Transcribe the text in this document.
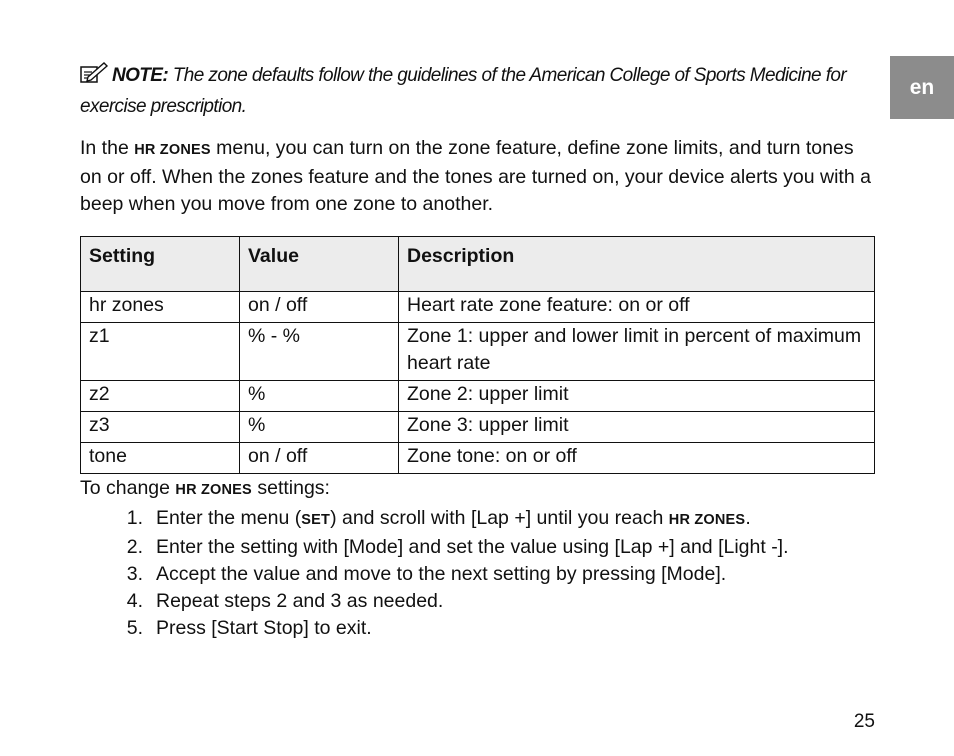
en
NOTE: The zone defaults follow the guidelines of the American College of Sports Medicine for exercise prescription.
In the HR ZONES menu, you can turn on the zone feature, define zone limits, and turn tones on or off. When the zones feature and the tones are turned on, your device alerts you with a beep when you move from one zone to another.
Setting	Value	Description
hr zones	on / off	Heart rate zone feature: on or off
z1	% - %	Zone 1: upper and lower limit in percent of maximum heart rate
z2	%	Zone 2: upper limit
z3	%	Zone 3: upper limit
tone	on / off	Zone tone: on or off
To change HR ZONES settings:
1. Enter the menu (SET) and scroll with [Lap +] until you reach HR ZONES.
2. Enter the setting with [Mode] and set the value using [Lap +] and [Light -].
3. Accept the value and move to the next setting by pressing [Mode].
4. Repeat steps 2 and 3 as needed.
5. Press [Start Stop] to exit.
25
